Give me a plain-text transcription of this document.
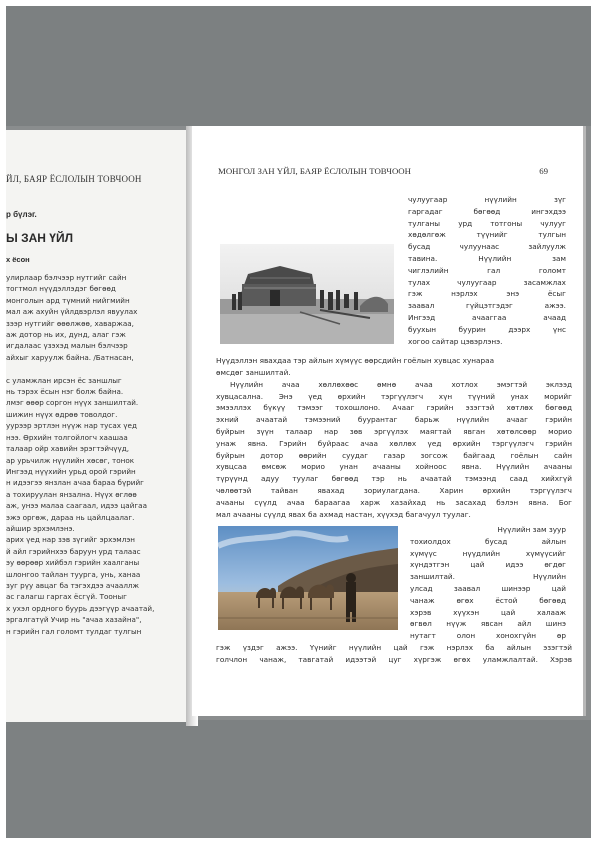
ЙЛ, БАЯР ЁСЛОЛЫН ТОВЧООН
р бүлэг.
Ы ЗАН ҮЙЛ
х ёсон
улирлаар бэлчээр нутгийг сайн
тогтмол нүүдэллэдэг бөгөөд
монголын ард түмний нийгмийн
мал аж ахуйн үйлдвэрлэл явуулах
зээр нутгийг өөөлжөө, хаваржаа,
аж дотор нь их, дунд, алаг гэж
игдалаас үзэхэд малын бэлчээр
айхыг харуулж байна. /Батнасан,

с уламжлан ирсэн ёс заншлыг
нь тэрэх ёсын нэг болж байна.
лмэг өөөр соргон нүүх заншилтай.
шижин нүүх өдрөө товолдог.
уурээр эртлэн нүүж нар тусах үед
нээ. Өрхийн толгойлогч хаашаа
талаар ойр хавийн эрэгтэйчүүд,
ар урьчилж нүүлийн хөсөг, тонок
Ингээд нүүхийн урьд орой гэрийн
н идээгээ янзлан ачаа бараа бүрийг
а тохируулан янзална. Нүүх өглөө
аж, унээ малаа саагаал, идээ цайгаа
эжэ оргөж, дараа нь цайлцаалаг.
айшир эрхэмлэнэ.
арих үед нар зэв зүгийг эрхэмлэн
й айл гэрийнхээ баруун урд талаас
эу өөрөөр хийбэл гэрийн хаалганы
шлонгоо тайлан туурга, унь, ханаа
зуг рүу авцаг ба тэгэхдээ ачааллж
ас галагш гаргах ёсгүй. Тооныг
х ухэл ордного буурь дээгүүр ачаатай,
эргалгатүй Учир нь "ачаа хазайна",
н гэрийн гал голомт тулдаг тулгын
МОНГОЛ ЗАН ҮЙЛ, БАЯР ЁСЛОЛЫН ТОВЧООН	69
чулуугаар нүүлийн зүг
гаргадаг бөгөөд ингэхдээ
тулганы урд тотгоны чулууг
хөдөлгөж түүнийг тулгын
бусад чулуунаас зайлуулж
тавина. Нүүлийн зам
чиглэлийн гал голомт
тулах чулуугаар засамжлах
гэж нэрлэх энэ ёсыг
заавал гүйцэтгэдэг ажээ.
Ингээд ачааггаа ачаад
буухын буурин дээрх үнс
хогоо сайтар цэвэрлэнэ.
Нүүдэллэн явахдаа тэр айлын хүмүүс өөрсдийн гоёлын хувцас хунараа
өмсдөг заншилтай.
Нүүлийн ачаа хөллөхөөс өмнө ачаа хотлох эмэгтэй эклээд
хувцасална. Энэ үед өрхийн тэргүүлэгч хүн түүний унах морийг
эмээллэх бүкүү тэмээг тохошлоно. Ачааг гэрийн эзэгтэй хөтлөх бөгөөд
эхний ачаатай тэмээний буурантаг барьж нүүлийн ачааг гэрийн
буйрын зүүн талаар нар зөв эргүүлэх маягтай явган хөтөлсөөр морио
унаж явна. Гэрийн буйраас ачаа хөллөх үед өрхийн тэргүүлэгч гэрийн
буйрын дотор өөрийн суудаг газар зогсож байгаад гоёлын сайн
хувцсаа өмсөж морио унан ачааны хойноос явна. Нүүлийн ачааны
түрүүнд адуу туулаг бөгөөд тэр нь ачаатай тэмээнд саад хийхгүй
чөлөөтэй тайван явахад зориулагдана. Харин өрхийн тэргүүлэгч
ачааны сүүлд ачаа бараагаа харж хазайхад нь засахад бэлэн явна. Бог
мал ачааны сүүлд явах ба ахмад настан, хүүхэд багачуул туулаг.
Нүүлийн зам зуур
тохиолдох бусад айлын
хүмүүс нүүдлийн хүмүүсийг
хүндэтгэн цай идээ өгдөг
заншилтай. Нүүлийн
улсад заавал шинээр цай
чанаж өгөх ёстой бөгөөд
хэрэв хүүхэн цай халааж
өгвөл нүүж явсан айл шинэ
нутагт олон хонохгүйн өр
гэж үздэг ажээ. Үүнийг нүүлийн цай гэж нэрлэх ба айлын эзэгтэй
голчлон чанаж, тавгатай идээтэй цуг хүргэж өгөх уламжлалтай. Хэрэв
